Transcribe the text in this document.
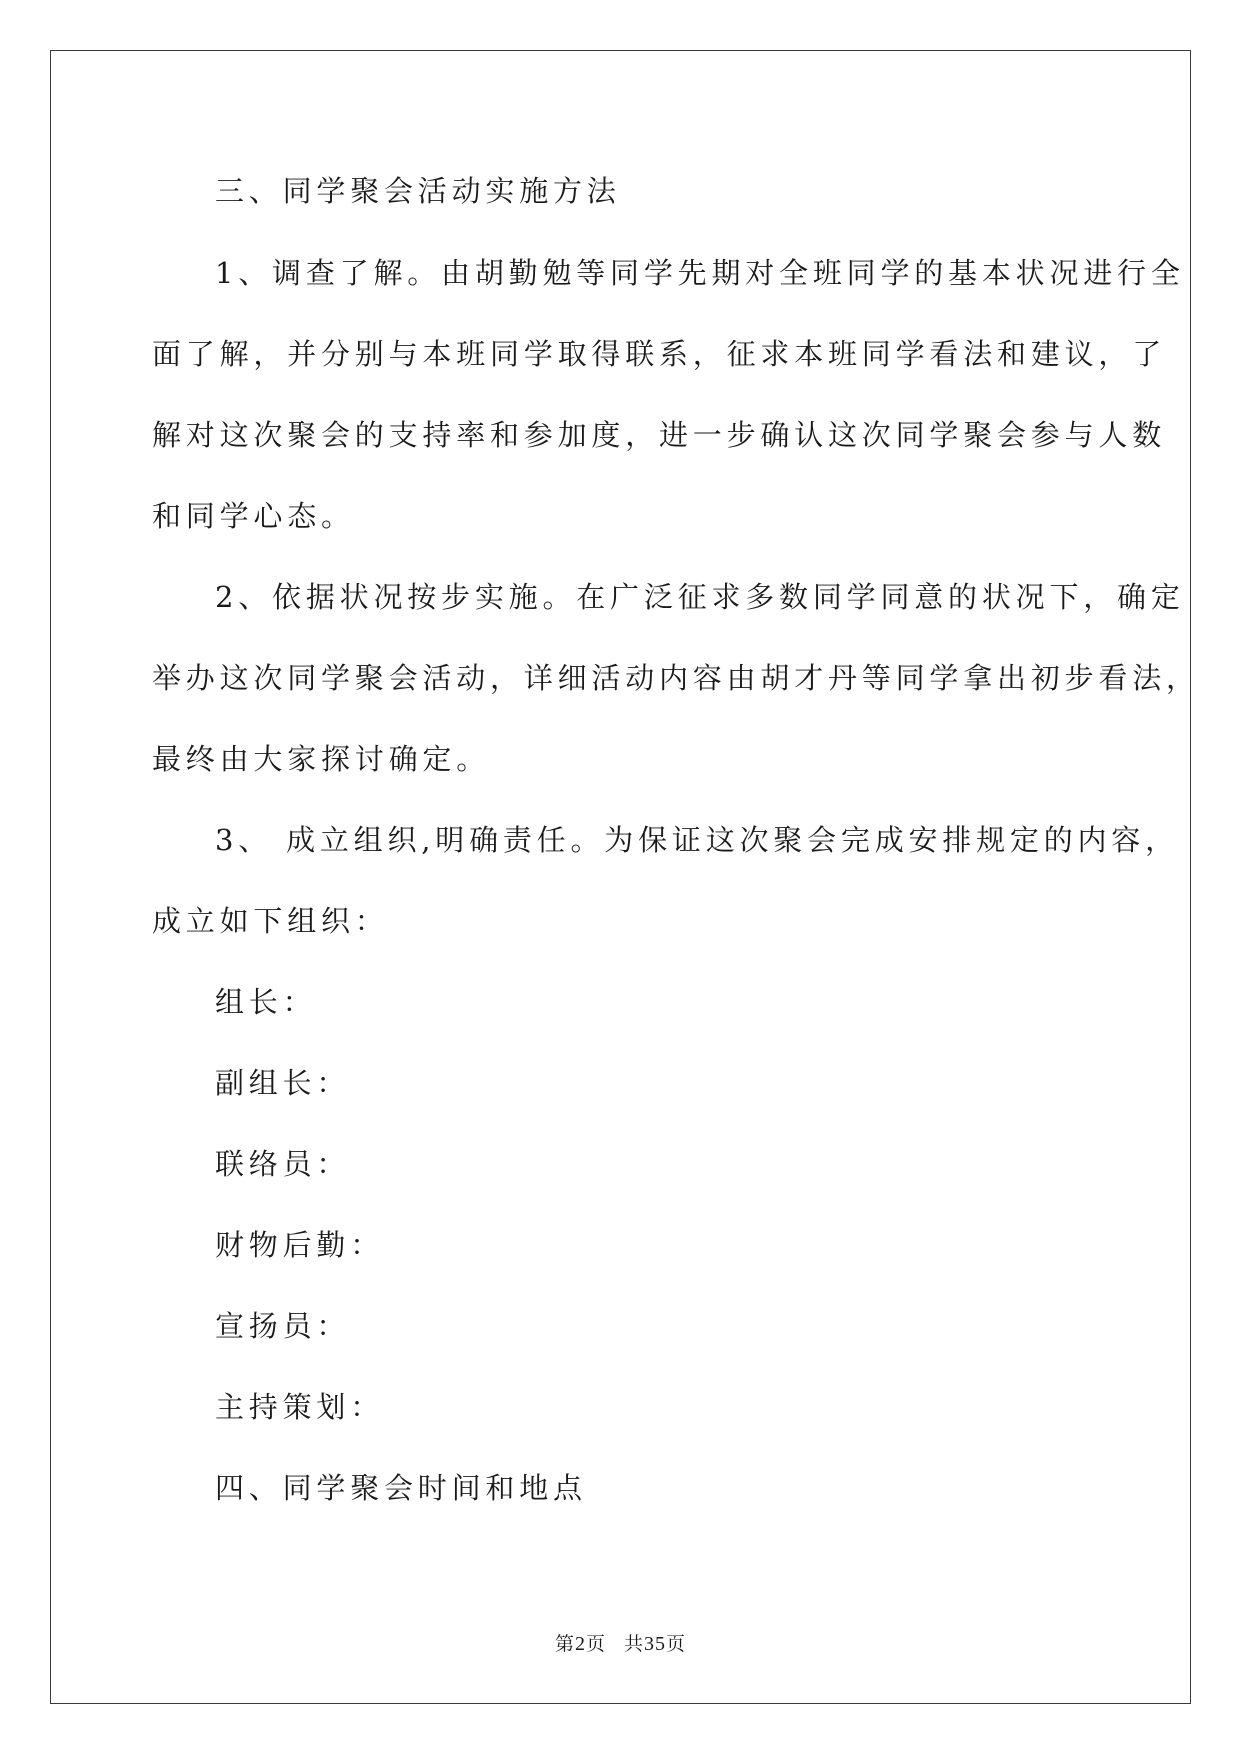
三、同学聚会活动实施方法
1、调查了解。由胡勤勉等同学先期对全班同学的基本状况进行全
面了解，并分别与本班同学取得联系，征求本班同学看法和建议，了
解对这次聚会的支持率和参加度，进一步确认这次同学聚会参与人数
和同学心态。
2、依据状况按步实施。在广泛征求多数同学同意的状况下，确定
举办这次同学聚会活动，详细活动内容由胡才丹等同学拿出初步看法，
最终由大家探讨确定。
3、 成立组织,明确责任。为保证这次聚会完成安排规定的内容，
成立如下组织：
组长：
副组长：
联络员：
财物后勤：
宣扬员：
主持策划：
四、同学聚会时间和地点
第2页 共35页
